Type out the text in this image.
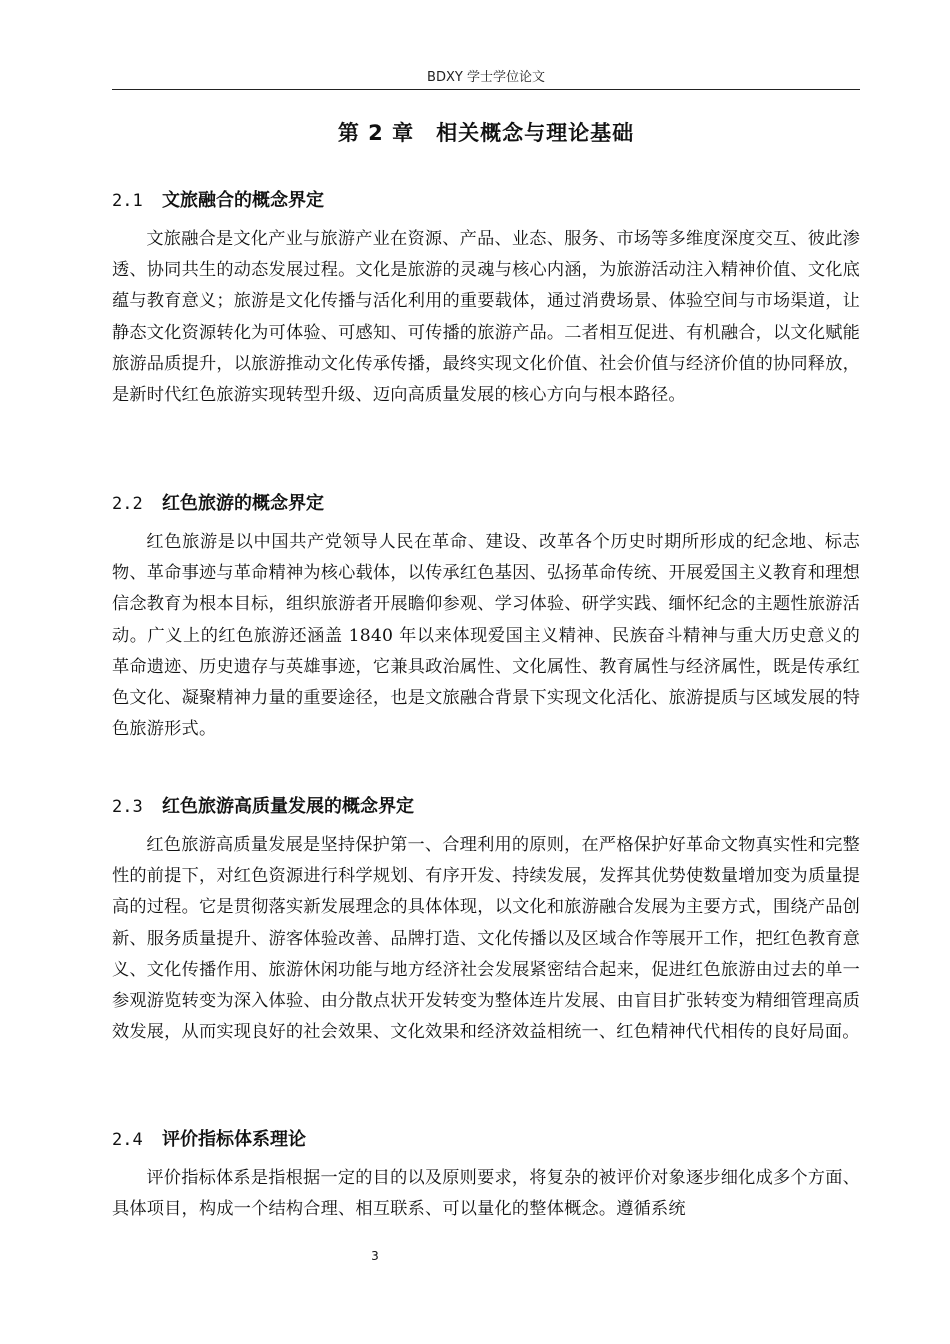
BDXY 学士学位论文
第 2 章　相关概念与理论基础
2.1 文旅融合的概念界定

文旅融合是文化产业与旅游产业在资源、产品、业态、服务、市场等多维度深度交互、彼此渗透、协同共生的动态发展过程。文化是旅游的灵魂与核心内涵，为旅游活动注入精神价值、文化底蕴与教育意义；旅游是文化传播与活化利用的重要载体，通过消费场景、体验空间与市场渠道，让静态文化资源转化为可体验、可感知、可传播的旅游产品。二者相互促进、有机融合，以文化赋能旅游品质提升，以旅游推动文化传承传播，最终实现文化价值、社会价值与经济价值的协同释放，是新时代红色旅游实现转型升级、迈向高质量发展的核心方向与根本路径。

2.2 红色旅游的概念界定

红色旅游是以中国共产党领导人民在革命、建设、改革各个历史时期所形成的纪念地、标志物、革命事迹与革命精神为核心载体，以传承红色基因、弘扬革命传统、开展爱国主义教育和理想信念教育为根本目标，组织旅游者开展瞻仰参观、学习体验、研学实践、缅怀纪念的主题性旅游活动。广义上的红色旅游还涵盖 1840 年以来体现爱国主义精神、民族奋斗精神与重大历史意义的革命遗迹、历史遗存与英雄事迹，它兼具政治属性、文化属性、教育属性与经济属性，既是传承红色文化、凝聚精神力量的重要途径，也是文旅融合背景下实现文化活化、旅游提质与区域发展的特色旅游形式。

2.3 红色旅游高质量发展的概念界定

红色旅游高质量发展是坚持保护第一、合理利用的原则，在严格保护好革命文物真实性和完整性的前提下，对红色资源进行科学规划、有序开发、持续发展，发挥其优势使数量增加变为质量提高的过程。它是贯彻落实新发展理念的具体体现，以文化和旅游融合发展为主要方式，围绕产品创新、服务质量提升、游客体验改善、品牌打造、文化传播以及区域合作等展开工作，把红色教育意义、文化传播作用、旅游休闲功能与地方经济社会发展紧密结合起来，促进红色旅游由过去的单一参观游览转变为深入体验、由分散点状开发转变为整体连片发展、由盲目扩张转变为精细管理高质效发展，从而实现良好的社会效果、文化效果和经济效益相统一、红色精神代代相传的良好局面。

2.4 评价指标体系理论

评价指标体系是指根据一定的目的以及原则要求，将复杂的被评价对象逐步细化成多个方面、具体项目，构成一个结构合理、相互联系、可以量化的整体概念。遵循系统

3
